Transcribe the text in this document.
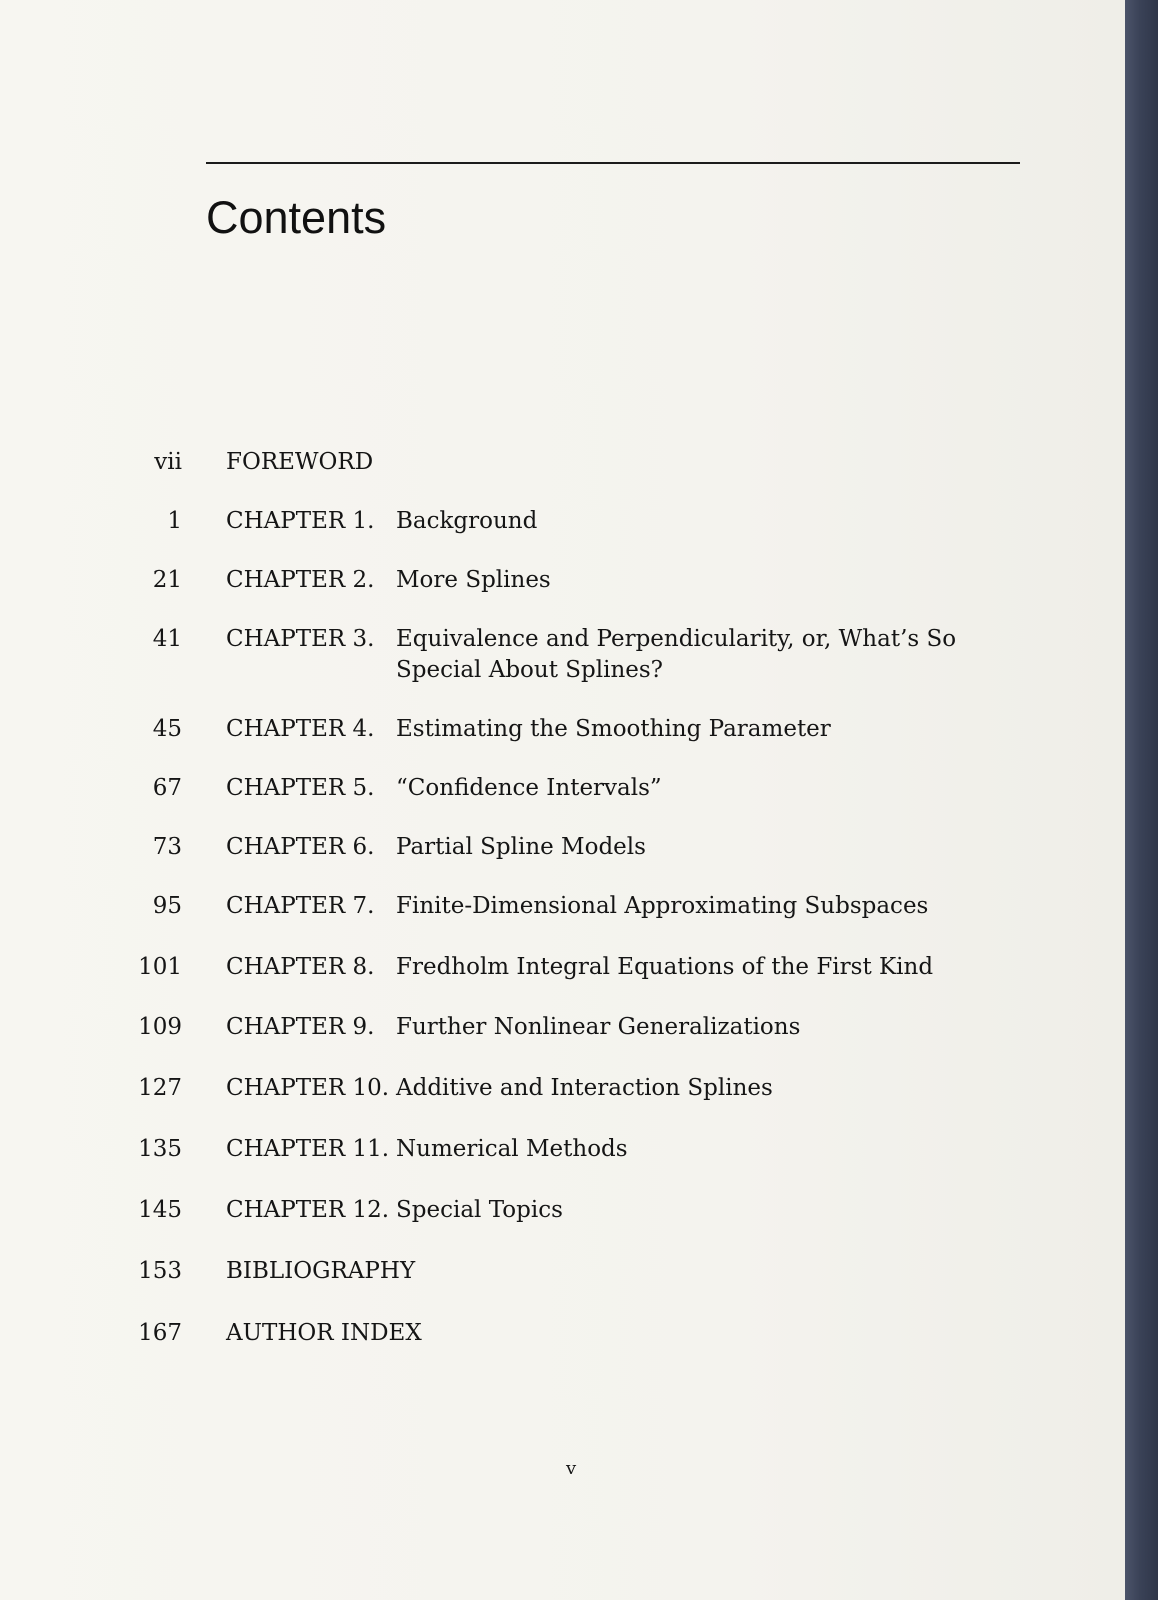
Contents
vii FOREWORD
1 CHAPTER 1. Background
21 CHAPTER 2. More Splines
41 CHAPTER 3. Equivalence and Perpendicularity, or, What’s So Special About Splines?
45 CHAPTER 4. Estimating the Smoothing Parameter
67 CHAPTER 5. “Confidence Intervals”
73 CHAPTER 6. Partial Spline Models
95 CHAPTER 7. Finite-Dimensional Approximating Subspaces
101 CHAPTER 8. Fredholm Integral Equations of the First Kind
109 CHAPTER 9. Further Nonlinear Generalizations
127 CHAPTER 10. Additive and Interaction Splines
135 CHAPTER 11. Numerical Methods
145 CHAPTER 12. Special Topics
153 BIBLIOGRAPHY
167 AUTHOR INDEX
v
